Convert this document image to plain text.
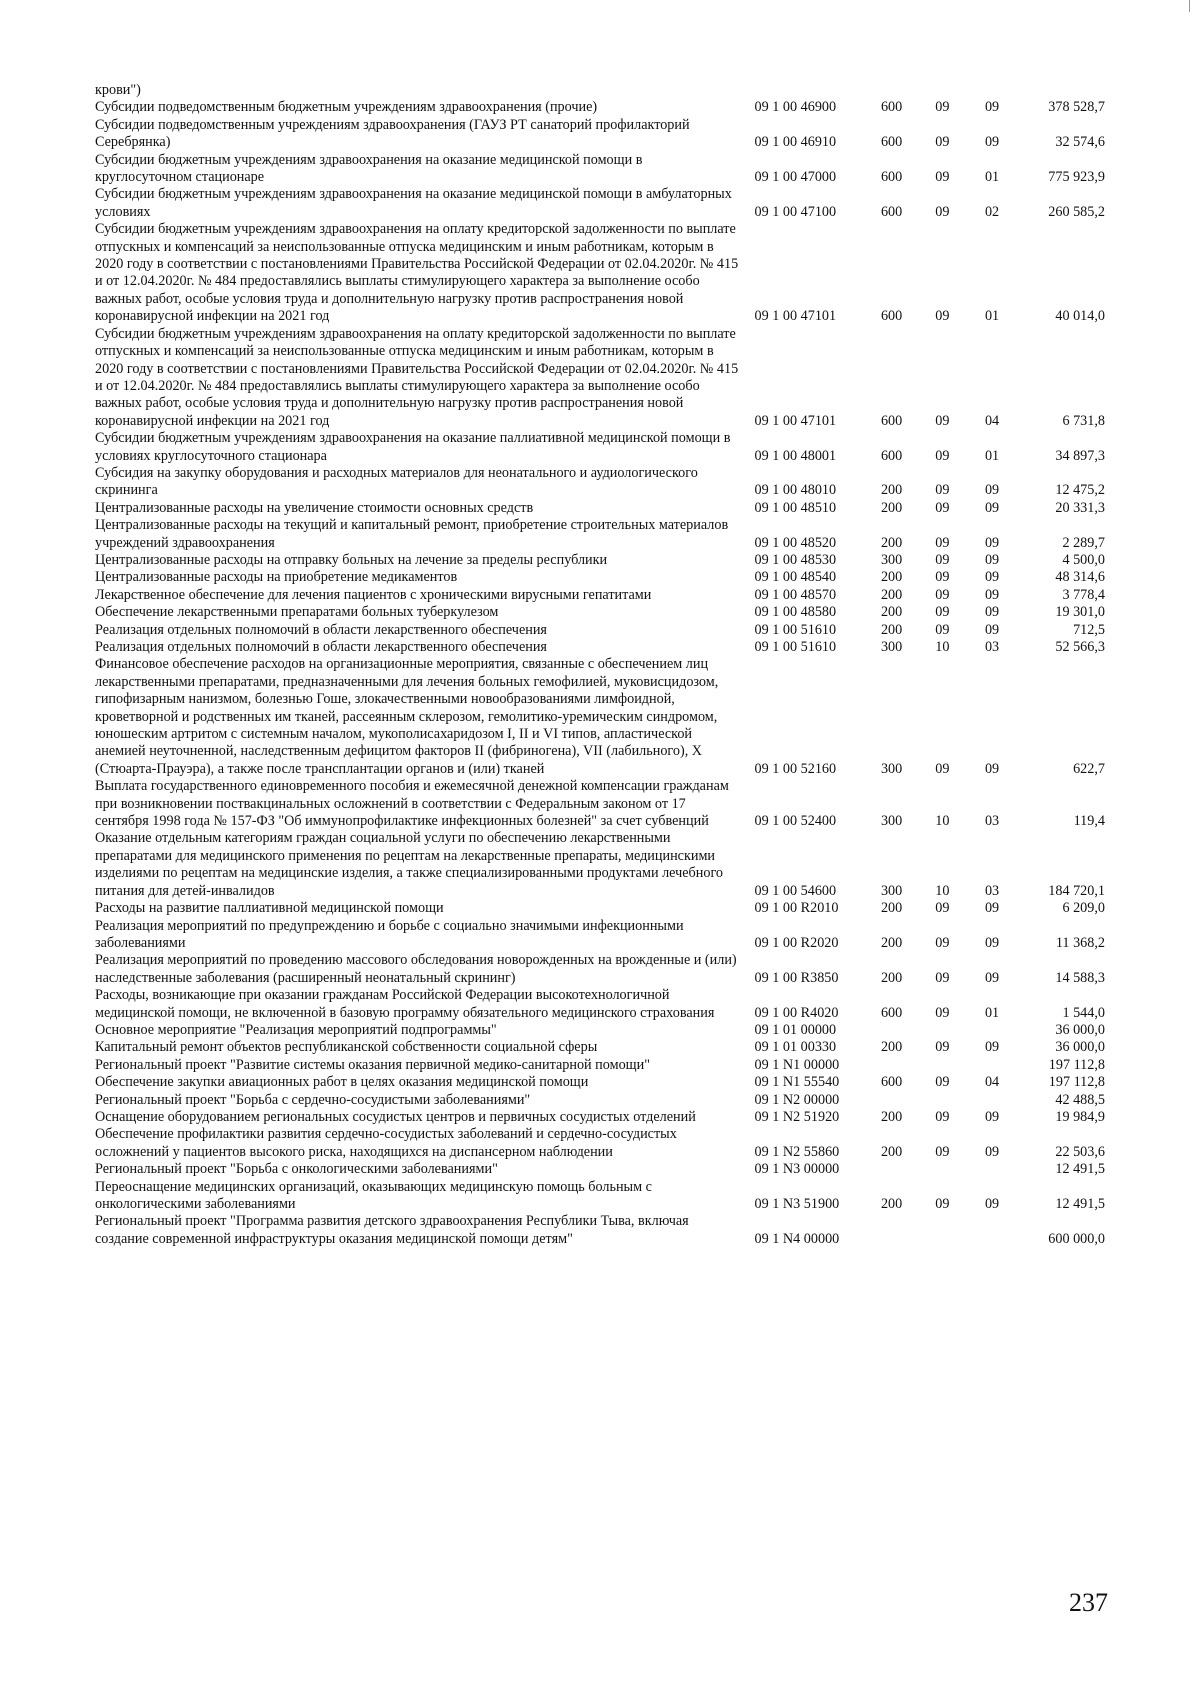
крови")					
Субсидии подведомственным бюджетным учреждениям здравоохранения (прочие)	09 1 00 46900	600	09	09	378 528,7
Субсидии подведомственным учреждениям здравоохранения (ГАУЗ РТ санаторий профилакторий Серебрянка)	09 1 00 46910	600	09	09	32 574,6
Субсидии бюджетным учреждениям здравоохранения на оказание медицинской помощи в круглосуточном стационаре	09 1 00 47000	600	09	01	775 923,9
Субсидии бюджетным учреждениям здравоохранения на оказание медицинской помощи в амбулаторных условиях	09 1 00 47100	600	09	02	260 585,2
Субсидии бюджетным учреждениям здравоохранения на оплату кредиторской задолженности по выплате отпускных и компенсаций за неиспользованные отпуска медицинским и иным работникам, которым в 2020 году в соответствии с постановлениями Правительства Российской Федерации от 02.04.2020г. № 415 и от 12.04.2020г. № 484 предоставлялись выплаты стимулирующего характера за выполнение особо важных работ, особые условия труда и дополнительную нагрузку против распространения новой коронавирусной инфекции на 2021 год	09 1 00 47101	600	09	01	40 014,0
Субсидии бюджетным учреждениям здравоохранения на оплату кредиторской задолженности по выплате отпускных и компенсаций за неиспользованные отпуска медицинским и иным работникам, которым в 2020 году в соответствии с постановлениями Правительства Российской Федерации от 02.04.2020г. № 415 и от 12.04.2020г. № 484 предоставлялись выплаты стимулирующего характера за выполнение особо важных работ, особые условия труда и дополнительную нагрузку против распространения новой коронавирусной инфекции на 2021 год	09 1 00 47101	600	09	04	6 731,8
Субсидии бюджетным учреждениям здравоохранения на оказание паллиативной медицинской помощи в условиях круглосуточного стационара	09 1 00 48001	600	09	01	34 897,3
Субсидия на закупку оборудования и расходных материалов для неонатального и аудиологического скрининга	09 1 00 48010	200	09	09	12 475,2
Централизованные расходы на увеличение стоимости основных средств	09 1 00 48510	200	09	09	20 331,3
Централизованные расходы на текущий и капитальный ремонт, приобретение строительных материалов учреждений здравоохранения	09 1 00 48520	200	09	09	2 289,7
Централизованные расходы на отправку больных на лечение за пределы республики	09 1 00 48530	300	09	09	4 500,0
Централизованные расходы на приобретение медикаментов	09 1 00 48540	200	09	09	48 314,6
Лекарственное обеспечение для лечения пациентов с хроническими вирусными гепатитами	09 1 00 48570	200	09	09	3 778,4
Обеспечение лекарственными препаратами больных туберкулезом	09 1 00 48580	200	09	09	19 301,0
Реализация отдельных полномочий в области лекарственного обеспечения	09 1 00 51610	200	09	09	712,5
Реализация отдельных полномочий в области лекарственного обеспечения	09 1 00 51610	300	10	03	52 566,3
Финансовое обеспечение расходов на организационные мероприятия, связанные с обеспечением лиц лекарственными препаратами, предназначенными для лечения больных гемофилией, муковисцидозом, гипофизарным нанизмом, болезнью Гоше, злокачественными новообразованиями лимфоидной, кроветворной и родственных им тканей, рассеянным склерозом, гемолитико-уремическим синдромом, юношеским артритом с системным началом, мукополисахаридозом I, II и VI типов, апластической анемией неуточненной, наследственным дефицитом факторов II (фибриногена), VII (лабильного), X (Стюарта-Прауэра), а также после трансплантации органов и (или) тканей	09 1 00 52160	300	09	09	622,7
Выплата государственного единовременного пособия и ежемесячной денежной компенсации гражданам при возникновении поствакцинальных осложнений в соответствии с Федеральным законом от 17 сентября 1998 года № 157-ФЗ "Об иммунопрофилактике инфекционных болезней" за счет субвенций	09 1 00 52400	300	10	03	119,4
Оказание отдельным категориям граждан социальной услуги по обеспечению лекарственными препаратами для медицинского применения по рецептам на лекарственные препараты, медицинскими изделиями по рецептам на медицинские изделия, а также специализированными продуктами лечебного питания для детей-инвалидов	09 1 00 54600	300	10	03	184 720,1
Расходы на развитие паллиативной медицинской помощи	09 1 00 R2010	200	09	09	6 209,0
Реализация мероприятий по предупреждению и борьбе с социально значимыми инфекционными заболеваниями	09 1 00 R2020	200	09	09	11 368,2
Реализация мероприятий по проведению массового обследования новорожденных на врожденные и (или) наследственные заболевания (расширенный неонатальный скрининг)	09 1 00 R3850	200	09	09	14 588,3
Расходы, возникающие при оказании гражданам Российской Федерации высокотехнологичной медицинской помощи, не включенной в базовую программу обязательного медицинского страхования	09 1 00 R4020	600	09	01	1 544,0
Основное мероприятие "Реализация мероприятий подпрограммы"	09 1 01 00000				36 000,0
Капитальный ремонт объектов республиканской собственности социальной сферы	09 1 01 00330	200	09	09	36 000,0
Региональный проект "Развитие системы оказания первичной медико-санитарной помощи"	09 1 N1 00000				197 112,8
Обеспечение закупки авиационных работ в целях оказания медицинской помощи	09 1 N1 55540	600	09	04	197 112,8
Региональный проект "Борьба с сердечно-сосудистыми заболеваниями"	09 1 N2 00000				42 488,5
Оснащение оборудованием региональных сосудистых центров и первичных сосудистых отделений	09 1 N2 51920	200	09	09	19 984,9
Обеспечение профилактики развития сердечно-сосудистых заболеваний и сердечно-сосудистых осложнений у пациентов высокого риска, находящихся на диспансерном наблюдении	09 1 N2 55860	200	09	09	22 503,6
Региональный проект "Борьба с онкологическими заболеваниями"	09 1 N3 00000				12 491,5
Переоснащение медицинских организаций, оказывающих медицинскую помощь больным с онкологическими заболеваниями	09 1 N3 51900	200	09	09	12 491,5
Региональный проект "Программа развития детского здравоохранения Республики Тыва, включая создание современной инфраструктуры оказания медицинской помощи детям"	09 1 N4 00000				600 000,0
237
